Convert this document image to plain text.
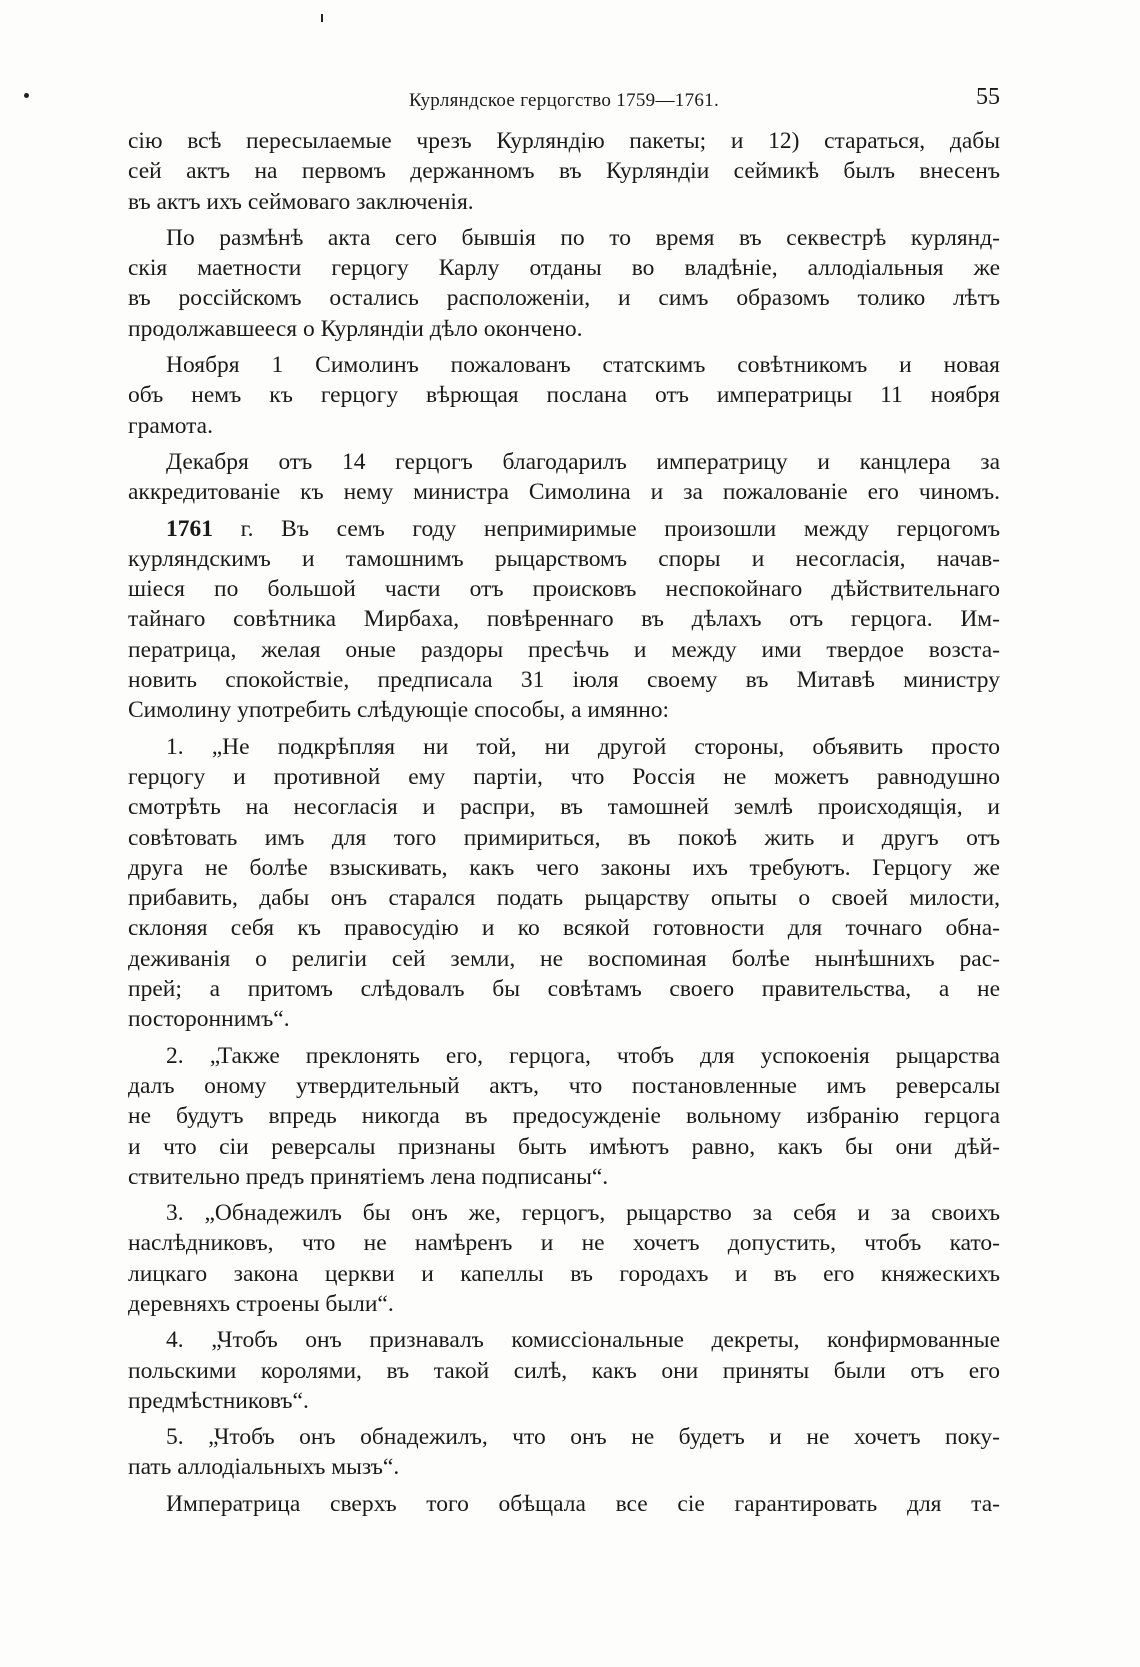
Курляндское герцогство 1759—1761.	55
сію всѣ пересылаемые чрезъ Курляндію пакеты; и 12) стараться, дабы
сей актъ на первомъ держанномъ въ Курляндіи сеймикѣ былъ внесенъ
въ актъ ихъ сеймоваго заключенія.
По размѣнѣ акта сего бывшія по то время въ секвестрѣ курлянд-
скія маетности герцогу Карлу отданы во владѣніе, аллодіальныя же
въ россійскомъ остались расположеніи, и симъ образомъ толико лѣтъ
продолжавшееся о Курляндіи дѣло окончено.
Ноября 1 Симолинъ пожалованъ статскимъ совѣтникомъ и новая
объ немъ къ герцогу вѣрющая послана отъ императрицы 11 ноября
грамота.
Декабря отъ 14 герцогъ благодарилъ императрицу и канцлера за
аккредитованіе къ нему министра Симолина и за пожалованіе его чиномъ.
1761 г. Въ семъ году непримиримые произошли между герцогомъ
курляндскимъ и тамошнимъ рыцарствомъ споры и несогласія, начав-
шіеся по большой части отъ происковъ неспокойнаго дѣйствительнаго
тайнаго совѣтника Мирбаха, повѣреннаго въ дѣлахъ отъ герцога. Им-
ператрица, желая оные раздоры пресѣчь и между ими твердое возста-
новить спокойствіе, предписала 31 іюля своему въ Митавѣ министру
Симолину употребить слѣдующіе способы, а имянно:
1. „Не подкрѣпляя ни той, ни другой стороны, объявить просто
герцогу и противной ему партіи, что Россія не можетъ равнодушно
смотрѣть на несогласія и распри, въ тамошней землѣ происходящія, и
совѣтовать имъ для того примириться, въ покоѣ жить и другъ отъ
друга не болѣе взыскивать, какъ чего законы ихъ требуютъ. Герцогу же
прибавить, дабы онъ старался подать рыцарству опыты о своей милости,
склоняя себя къ правосудію и ко всякой готовности для точнаго обна-
деживанія о религіи сей земли, не воспоминая болѣе нынѣшнихъ рас-
прей; а притомъ слѣдовалъ бы совѣтамъ своего правительства, а не
постороннимъ“.
2. „Также преклонять его, герцога, чтобъ для успокоенія рыцарства
далъ оному утвердительный актъ, что постановленные имъ реверсалы
не будутъ впредь никогда въ предосужденіе вольному избранію герцога
и что сіи реверсалы признаны быть имѣютъ равно, какъ бы они дѣй-
ствительно предъ принятіемъ лена подписаны“.
3. „Обнадежилъ бы онъ же, герцогъ, рыцарство за себя и за своихъ
наслѣдниковъ, что не намѣренъ и не хочетъ допустить, чтобъ като-
лицкаго закона церкви и капеллы въ городахъ и въ его княжескихъ
деревняхъ строены были“.
4. „Чтобъ онъ признавалъ комиссіональные декреты, конфирмованные
польскими королями, въ такой силѣ, какъ они приняты были отъ его
предмѣстниковъ“.
5. „Чтобъ онъ обнадежилъ, что онъ не будетъ и не хочетъ поку-
пать аллодіальныхъ мызъ“.
Императрица сверхъ того обѣщала все сіе гарантировать для та-
